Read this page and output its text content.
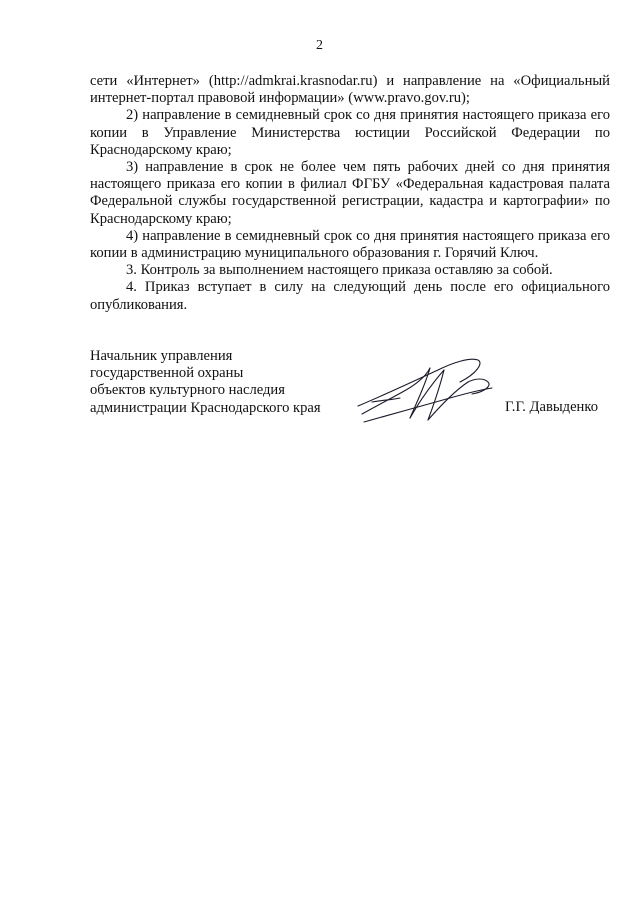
2

сети «Интернет» (http://admkrai.krasnodar.ru) и направление на «Официальный интернет-портал правовой информации» (www.pravo.gov.ru);

2) направление в семидневный срок со дня принятия настоящего приказа его копии в Управление Министерства юстиции Российской Федерации по Краснодарскому краю;

3) направление в срок не более чем пять рабочих дней со дня принятия настоящего приказа его копии в филиал ФГБУ «Федеральная кадастровая палата Федеральной службы государственной регистрации, кадастра и картографии» по Краснодарскому краю;

4) направление в семидневный срок со дня принятия настоящего приказа его копии в администрацию муниципального образования г. Горячий Ключ.

3. Контроль за выполнением настоящего приказа оставляю за собой.

4. Приказ вступает в силу на следующий день после его официального опубликования.

Начальник управления
государственной охраны
объектов культурного наследия
администрации Краснодарского края	Г.Г. Давыденко
